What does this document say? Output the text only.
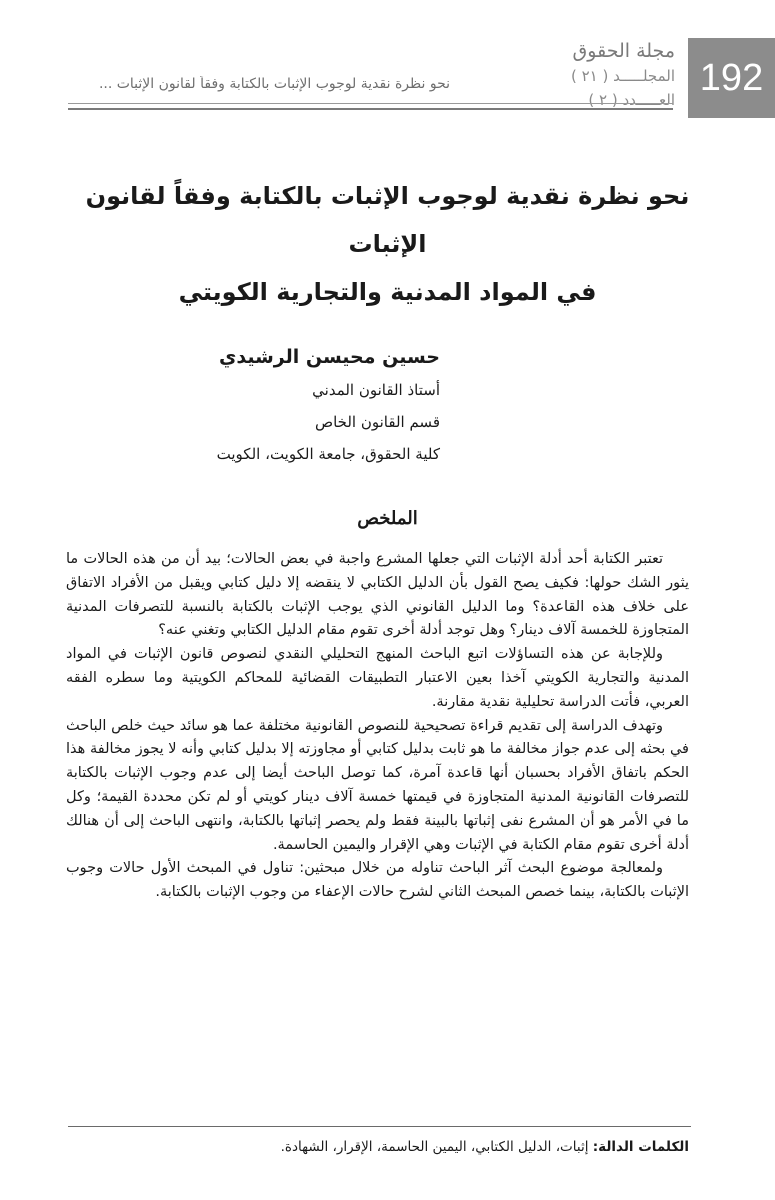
192
مجلة الحقوق
المجلـــــد ( ٢١ )
العـــــدد ( ٢ )
نحو نظرة نقدية لوجوب الإثبات بالكتابة وفقاً لقانون الإثبات ...
نحو نظرة نقدية لوجوب الإثبات بالكتابة وفقاً لقانون الإثبات
في المواد المدنية والتجارية الكويتي
حسين محيسن الرشيدي
أستاذ القانون المدني
قسم القانون الخاص
كلية الحقوق، جامعة الكويت، الكويت
الملخص

تعتبر الكتابة أحد أدلة الإثبات التي جعلها المشرع واجبة في بعض الحالات؛ بيد أن من هذه الحالات ما يثور الشك حولها: فكيف يصح القول بأن الدليل الكتابي لا ينقضه إلا دليل كتابي ويقبل من الأفراد الاتفاق على خلاف هذه القاعدة؟ وما الدليل القانوني الذي يوجب الإثبات بالكتابة بالنسبة للتصرفات المدنية المتجاوزة للخمسة آلاف دينار؟ وهل توجد أدلة أخرى تقوم مقام الدليل الكتابي وتغني عنه؟

وللإجابة عن هذه التساؤلات اتبع الباحث المنهج التحليلي النقدي لنصوص قانون الإثبات في المواد المدنية والتجارية الكويتي آخذا بعين الاعتبار التطبيقات القضائية للمحاكم الكويتية وما سطره الفقه العربي، فأتت الدراسة تحليلية نقدية مقارنة.

وتهدف الدراسة إلى تقديم قراءة تصحيحية للنصوص القانونية مختلفة عما هو سائد حيث خلص الباحث في بحثه إلى عدم جواز مخالفة ما هو ثابت بدليل كتابي أو مجاوزته إلا بدليل كتابي وأنه لا يجوز مخالفة هذا الحكم باتفاق الأفراد بحسبان أنها قاعدة آمرة، كما توصل الباحث أيضا إلى عدم وجوب الإثبات بالكتابة للتصرفات القانونية المدنية المتجاوزة في قيمتها خمسة آلاف دينار كويتي أو لم تكن محددة القيمة؛ وكل ما في الأمر هو أن المشرع نفى إثباتها بالبينة فقط ولم يحصر إثباتها بالكتابة، وانتهى الباحث إلى أن هنالك أدلة أخرى تقوم مقام الكتابة في الإثبات وهي الإقرار واليمين الحاسمة.

ولمعالجة موضوع البحث آثر الباحث تناوله من خلال مبحثين: تناول في المبحث الأول حالات وجوب الإثبات بالكتابة، بينما خصص المبحث الثاني لشرح حالات الإعفاء من وجوب الإثبات بالكتابة.

الكلمات الدالة: إثبات، الدليل الكتابي، اليمين الحاسمة، الإقرار، الشهادة.
